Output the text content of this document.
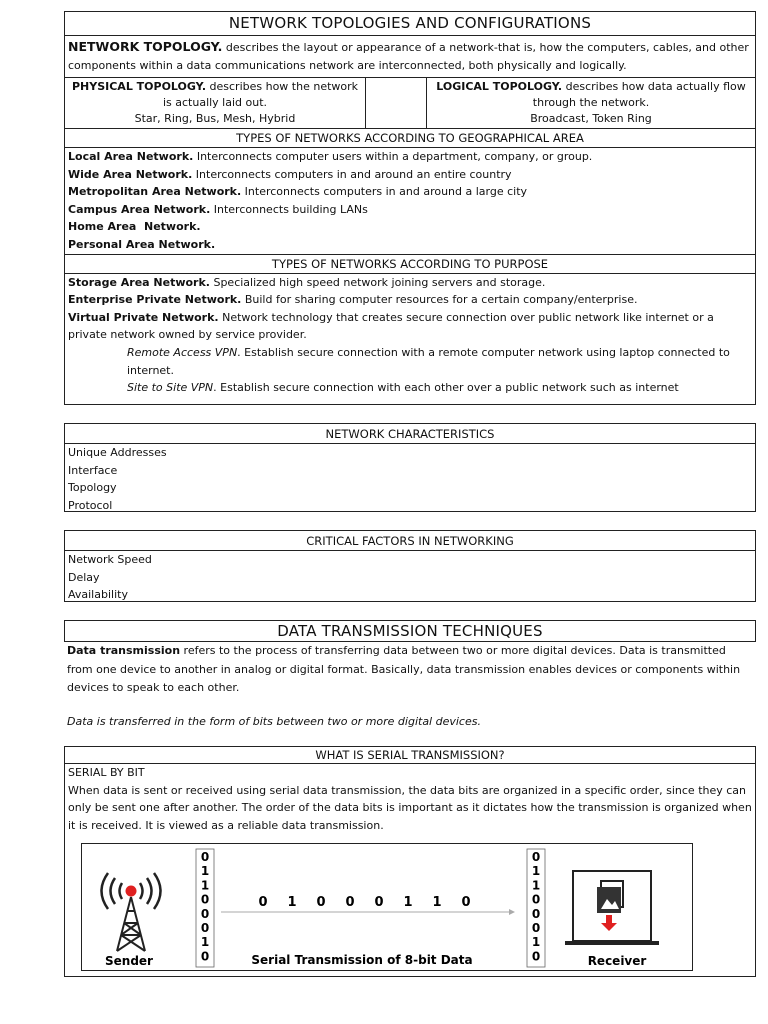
NETWORK TOPOLOGIES AND CONFIGURATIONS
NETWORK TOPOLOGY. describes the layout or appearance of a network-that is, how the computers, cables, and other components within a data communications network are interconnected, both physically and logically.
PHYSICAL TOPOLOGY. describes how the network is actually laid out.
Star, Ring, Bus, Mesh, Hybrid
LOGICAL TOPOLOGY. describes how data actually flow through the network.
Broadcast, Token Ring
TYPES OF NETWORKS ACCORDING TO GEOGRAPHICAL AREA
Local Area Network. Interconnects computer users within a department, company, or group.
Wide Area Network. Interconnects computers in and around an entire country
Metropolitan Area Network. Interconnects computers in and around a large city
Campus Area Network. Interconnects building LANs
Home Area  Network.
Personal Area Network.
TYPES OF NETWORKS ACCORDING TO PURPOSE
Storage Area Network. Specialized high speed network joining servers and storage.
Enterprise Private Network. Build for sharing computer resources for a certain company/enterprise.
Virtual Private Network. Network technology that creates secure connection over public network like internet or a private network owned by service provider.
Remote Access VPN. Establish secure connection with a remote computer network using laptop connected to internet.
Site to Site VPN. Establish secure connection with each other over a public network such as internet
NETWORK CHARACTERISTICS
Unique Addresses
Interface
Topology
Protocol
CRITICAL FACTORS IN NETWORKING
Network Speed
Delay
Availability
DATA TRANSMISSION TECHNIQUES
Data transmission refers to the process of transferring data between two or more digital devices. Data is transmitted from one device to another in analog or digital format. Basically, data transmission enables devices or components within devices to speak to each other.
Data is transferred in the form of bits between two or more digital devices.
WHAT IS SERIAL TRANSMISSION?
SERIAL BY BIT
When data is sent or received using serial data transmission, the data bits are organized in a specific order, since they can only be sent one after another. The order of the data bits is important as it dictates how the transmission is organized when it is received. It is viewed as a reliable data transmission.
Sender
0
1
1
0
0
0
1
0
0 1 0 0 0 1 1 0
Serial Transmission of 8-bit Data
0
1
1
0
0
0
1
0	Receiver
